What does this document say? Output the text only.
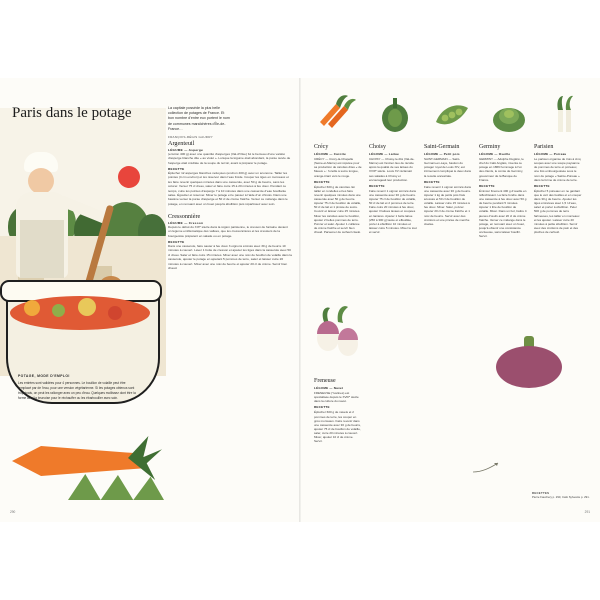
Paris dans le potage	La capitale possède la plus belle collection de potages de France. Et bon nombre d'entre eux portent le nom de communes maraîchères d'Île-de-France…
FRANÇOIS-RÉGIS GAUDRY
Argenteuil
LÉGUME — Asperge
(environ 400 g) avec une quantité d'asperges (Val-d'Oise) fut le berceau d'une variété d'asperge blanche dite « au violet ». Lorsque la légume était abondant, la purée suivie de l'asperge était créditée de la soupe du terroir, avant à préparer le potage.
RECETTE

Éplucher 12 asperges blanches nettoyées (environ 400 g) avec un économe. Tailler les pointes (4 cm environ) et les réserver dans l'eau froide. Couper les tiges en morceaux et les faire revenir quelques minutes dans une casserole, avec 50 g de beurre, sans les colorer. Verser 75 cl d'eau, salez et faire cuire 15 à 20 minutes à feu doux. Pendant ce temps, cuire les pointes d'asperge 7 à 10 minutes dans une casserole d'eau bouillante salée. Égoutter et réserver. Mixer le potage et le passer à l'aide d'un chinois. Dans une bassine verser la purée d'asperge et 50 cl de crème fraîche. Verser ce mélange dans le potage, en remuant avec un fouet jusqu'à ébullition puis répartissez avec soin.

Cressonnière
LÉGUME — Cresson
Depuis le début du XIXᵉ siècle dans la région parisienne, le cresson de fontaine devient un légume emblématique des vallées, que les cressonnières et les cressiers de la bourgeoisie préparent en salade ou en potage.
RECETTE

Dans une casserole, faire sauter à feu doux 3 oignons éminés avec 30 g de beurre 10 minutes à couvert. Laver 1 botte de cresson et ajouter les tiges dans la casserole avec 50 cl d'eau. Saler et faire cuire 15 minutes. Mixer avec une noix de bouillon de volaille dans la casserole, ajouter le potage en ajoutant 5 pommes de terre, salez et laisser cuire 20 minutes à couvert. Mixer avec une noix de beurre et ajouter 20 cl de crème. Servir bien chaud.

POTAGE, MODE D'EMPLOI
Les entrées sont validées pour 4 personnes. Le bouillon de volaille peut être remplacé par de l'eau, pour une version végétarienne. Si les potages obtenus sont trop épais, on peut les rallonger avec un peu d'eau. Quelques mollissez dont être la forme ainsi la brunoise pour le réchauffer ou les ébarbouiller avec soin.
290
Crécy
LÉGUME — Carotte
CRÉCY — Crécy-la-Chapelle (Seine-et-Marne) est réputée pour sa production de carottes dites « de Meaux » : l'oreille à sucre longue, orange-tirant vers le rouge.
RECETTE

Éplucher 600 g de carottes. En tailler en rondelles et les faire revenir quelques minutes dans une casserole avec 50 g de beurre. Ajouter 75 cl de bouillon de volaille, 50 cl de lait et 1 pincée de sucre. Couvrir et laisser cuire 25 minutes. Mixer les carottes avec le bouillon, ajouter 2 belles pommes de terre. Poivrer et saler. Ajouter 1 cuillerée de crème fraîche et servir bien chaud. Parsemer de cerfeuil ciselé.

Choisy
LÉGUME — Laitue
CHOISY — Choisy-le-Roi (Val-de-Marne) est l'ancien lieu de récolte après la qualité de ses laitues du XVIIIᵉ siècle. Louis XV réclamait ses salades à Choisy et encourageait leur production.
RECETTE

Faire revenir 1 oignon émincé dans une casserole avec 30 g de beurre. Ajouter 75 cl de bouillon de volaille, 50 cl de lait et 2 pommes de terre. Faire cuire 20 minutes à feu doux, ajouter 3 laitues lavées et coupées en lanières. Ajouter 1 belle laitue (250 à 300 g) lavée et effeuillée, porter à ébullition 10 minutes et laisser cuire 5 minutes. Mixer le tout et servir.

Saint-Germain
LÉGUME — Petit pois
SAINT-GERMAIN — Saint-Germain-en-Laye, bastion du potager royal de Louis XIV, est intimement compliqué le deux dans la recette ancestrale.
RECETTE

Faire revenir 1 oignon émincé dans une casserole avec 30 g de beurre. Ajouter 1 kg de petits pois frais écossés et 50 cl de bouillon de volaille. Laisser cuire 15 minutes à feu doux. Mixer. Saler, poivrer. Ajouter 20 cl de crème fraîche et 1 noix de beurre. Servir avec des croûtons et une pincée de menthe ciselée.

Germiny
LÉGUME — Oseille
GERMINY — Adolphe Dugléré, le chef du Café Anglais, inventa ce potage en 1869 hommage à l'un des clients, le comte de Germiny, gouverneur de la Banque de France.
RECETTE

Émincer finement 400 g d'oseille en réfléchissant. La faire fondre dans une casserole à feu doux avec 50 g de beurre pendant 5 minutes. Ajouter 1 litre de bouillon de volaille. Mixer. Dans un bol, battre 4 jaunes d'œufs avec 20 cl de crème fraîche. Verser ce mélange dans le potage, en remuant avec un fouet, jusqu'à obtenir une consistance onctueuse, sans laisser bouillir. Servir.

Parisien
LÉGUME — Poireau
Le parisien organise de trois à cinq soupes avec une soupe paysanne de pommes de terre et poireaux, une fois embourgeoisée sous le nom de potage « Sainte-Poireau » dans la forme de crème de terre.
RECETTE

Éplucher 5 poireaux en ne gardant que le vert des feuilles et en couper dans 30 g de beurre. Ajouter les tiges émincées avec 1,5 l d'eau, salez et porter à ébullition. Peler 500 g de pommes de terre farineuses, les tailler en morceaux et les ajouter. Laisser cuire 20 minutes à petite ébullition. Servir avec des croûtons de pain et des pluches de cerfeuil.

Freneuse
LÉGUME — Navet
FRENEUSE (Yvelines) est spécialisée depuis le XVIIIᵉ siècle dans la culture du navet.
RECETTE

Éplucher 600 g de navets et 2 pommes de terre, les couper en gros morceaux. Faire revenir dans une casserole avec 30 g de beurre, ajouter 75 cl de bouillon de volaille, saler, cuire 20 minutes à couvert. Mixer, ajouter 10 cl de crème. Servir.

RECETTES
Pierre Fauchery p. 290, Café Sylvestre p. 291.
291
